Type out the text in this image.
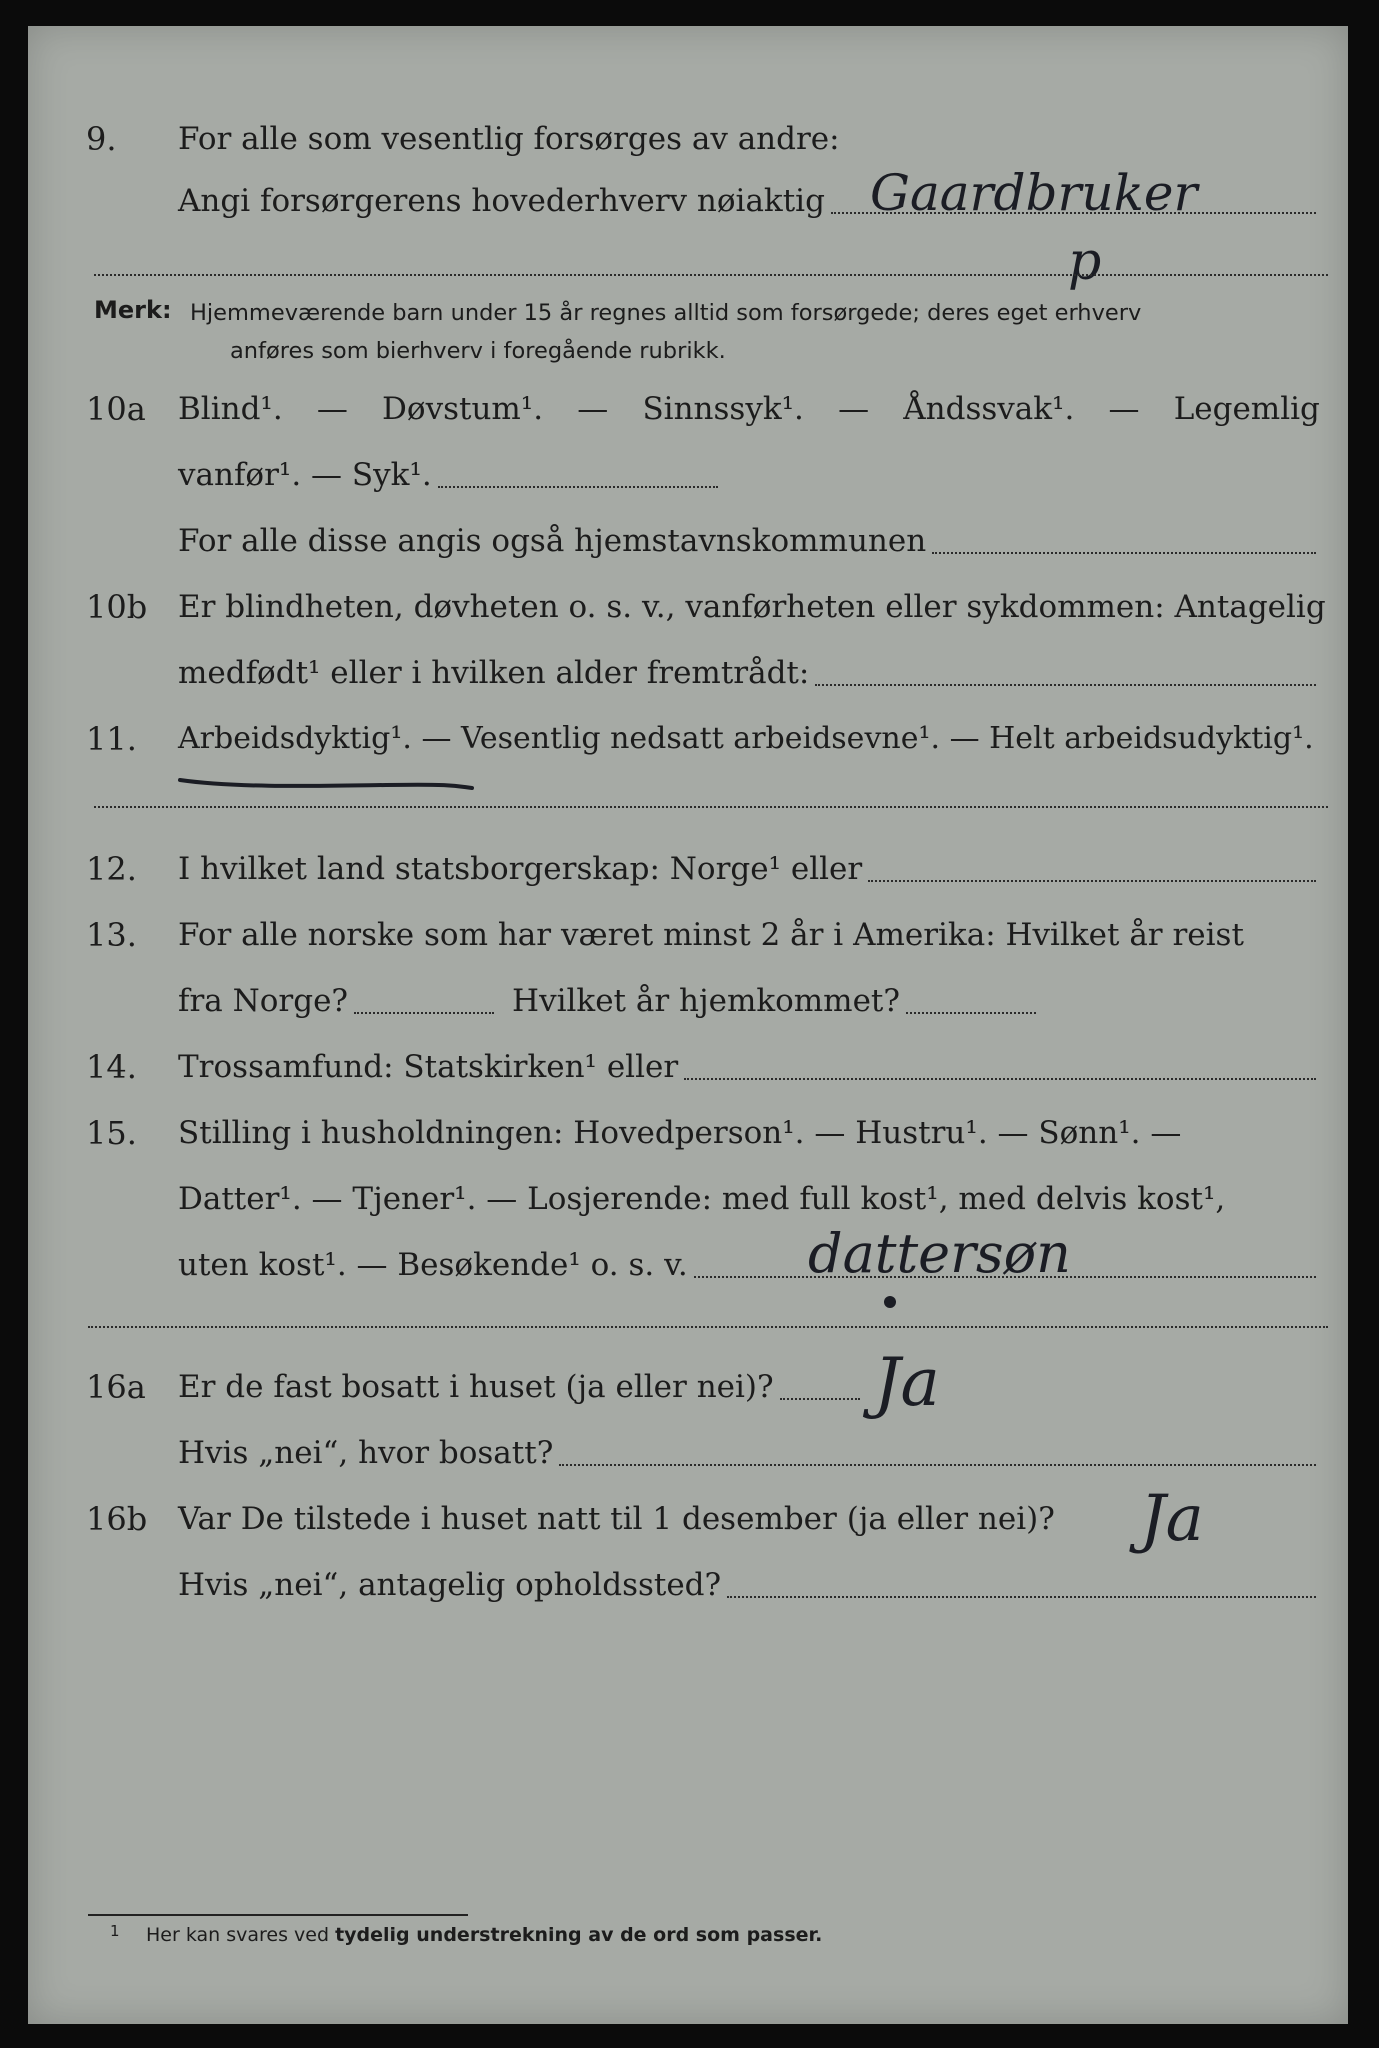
9.	For alle som vesentlig forsørges av andre:
Angi forsørgerens hovederhverv nøiaktig Gaardbruker
p
Merk: Hjemmeværende barn under 15 år regnes alltid som forsørgede; deres eget erhverv
anføres som bierhverv i foregående rubrikk.
10a	Blind¹. — Døvstum¹. — Sinnssyk¹. — Åndssvak¹. — Legemlig
vanfør¹. — Syk¹.
For alle disse angis også hjemstavnskommunen
10b Er blindheten, døvheten o. s. v., vanførheten eller sykdommen: Antagelig
medfødt¹ eller i hvilken alder fremtrådt:
11.	Arbeidsdyktig¹. — Vesentlig nedsatt arbeidsevne¹. — Helt arbeidsudyktig¹.
12.	I hvilket land statsborgerskap: Norge¹ eller
13.	For alle norske som har været minst 2 år i Amerika: Hvilket år reist
fra Norge?	Hvilket år hjemkommet?
14.	Trossamfund: Statskirken¹ eller
15.	Stilling i husholdningen: Hovedperson¹. — Hustru¹. — Sønn¹. —
Datter¹. — Tjener¹. — Losjerende: med full kost¹, med delvis kost¹,
uten kost¹. — Besøkende¹ o. s. v. dattersøn
16a	Er de fast bosatt i huset (ja eller nei)?
Hvis „nei“, hvor bosatt?
Ja
16b Var De tilstede i huset natt til 1 desember (ja eller nei)?
Hvis „nei“, antagelig opholdssted?
Ja
1 Her kan svares ved tydelig understrekning av de ord som passer.
